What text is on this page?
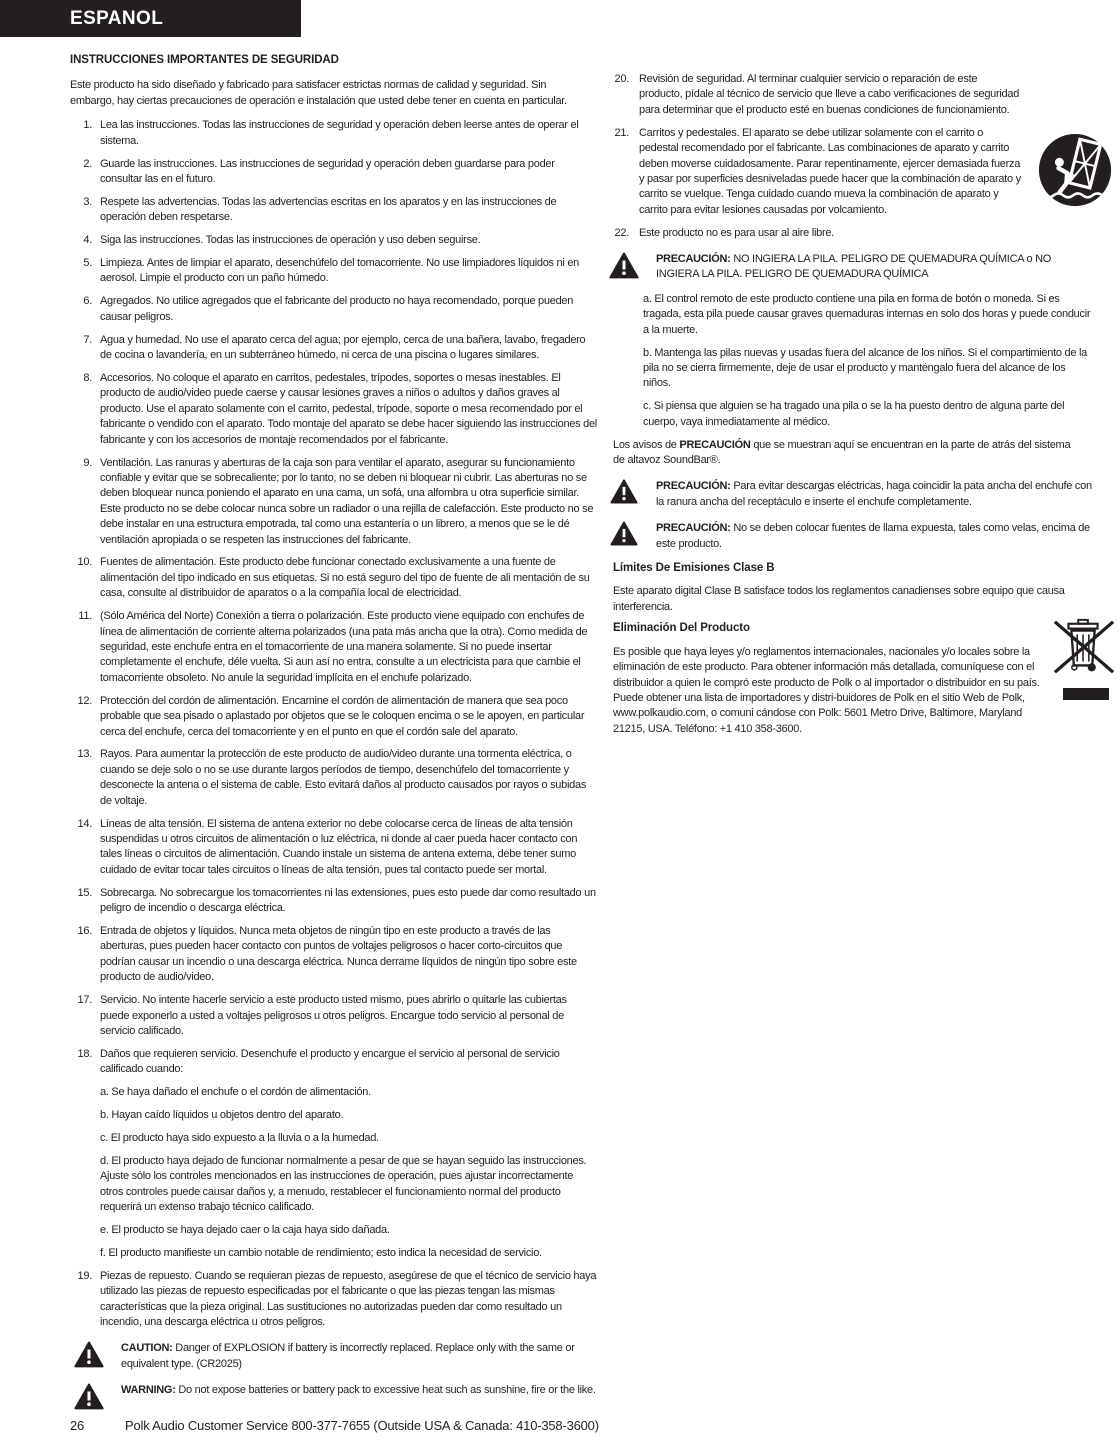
ESPANOL
INSTRUCCIONES IMPORTANTES DE SEGURIDAD

Este producto ha sido diseñado y fabricado para satisfacer estrictas normas de calidad y seguridad. Sin embargo, hay ciertas precauciones de operación e instalación que usted debe tener en cuenta en particular.

1. Lea las instrucciones. Todas las instrucciones de seguridad y operación deben leerse antes de operar el sistema.
2. Guarde las instrucciones. Las instrucciones de seguridad y operación deben guardarse para poder consultar las en el futuro.
3. Respete las advertencias. Todas las advertencias escritas en los aparatos y en las instrucciones de operación deben respetarse.
4. Siga las instrucciones. Todas las instrucciones de operación y uso deben seguirse.
5. Limpieza. Antes de limpiar el aparato, desenchúfelo del tomacorriente. No use limpiadores líquidos ni en aerosol. Limpie el producto con un paño húmedo.
6. Agregados. No utilice agregados que el fabricante del producto no haya recomendado, porque pueden causar peligros.
7. Agua y humedad. No use el aparato cerca del agua; por ejemplo, cerca de una bañera, lavabo, fregadero de cocina o lavandería, en un subterráneo húmedo, ni cerca de una piscina o lugares similares.
8. Accesorios. No coloque el aparato en carritos, pedestales, trípodes, soportes o mesas inestables. El producto de audio/video puede caerse y causar lesiones graves a niños o adultos y daños graves al producto. Use el aparato solamente con el carrito, pedestal, trípode, soporte o mesa recomendado por el fabricante o vendido con el aparato. Todo montaje del aparato se debe hacer siguiendo las instrucciones del fabricante y con los accesorios de montaje recomendados por el fabricante.
9. Ventilación. Las ranuras y aberturas de la caja son para ventilar el aparato, asegurar su funcionamiento confiable y evitar que se sobrecaliente; por lo tanto, no se deben ni bloquear ni cubrir. Las aberturas no se deben bloquear nunca poniendo el aparato en una cama, un sofá, una alfombra u otra superficie similar. Este producto no se debe colocar nunca sobre un radiador o una rejilla de calefacción. Este producto no se debe instalar en una estructura empotrada, tal como una estantería o un librero, a menos que se le dé ventilación apropiada o se respeten las instrucciones del fabricante.
10. Fuentes de alimentación. Este producto debe funcionar conectado exclusivamente a una fuente de alimentación del tipo indicado en sus etiquetas. Si no está seguro del tipo de fuente de ali mentación de su casa, consulte al distribuidor de aparatos o a la compañía local de electricidad.
11. (Sólo América del Norte) Conexión a tierra o polarización. Este producto viene equipado con enchufes de línea de alimentación de corriente alterna polarizados (una pata más ancha que la otra). Como medida de seguridad, este enchufe entra en el tomacorriente de una manera solamente. Si no puede insertar completamente el enchufe, déle vuelta. Si aun así no entra, consulte a un electricista para que cambie el tomacorriente obsoleto. No anule la seguridad implícita en el enchufe polarizado.
12. Protección del cordón de alimentación. Encamine el cordón de alimentación de manera que sea poco probable que sea pisado o aplastado por objetos que se le coloquen encima o se le apoyen, en particular cerca del enchufe, cerca del tomacorriente y en el punto en que el cordón sale del aparato.
13. Rayos. Para aumentar la protección de este producto de audio/video durante una tormenta eléctrica, o cuando se deje solo o no se use durante largos períodos de tiempo, desenchúfelo del tomacorriente y desconecte la antena o el sistema de cable. Esto evitará daños al producto causados por rayos o subidas de voltaje.
14. Líneas de alta tensión. El sistema de antena exterior no debe colocarse cerca de líneas de alta tensión suspendidas u otros circuitos de alimentación o luz eléctrica, ni donde al caer pueda hacer contacto con tales líneas o circuitos de alimentación. Cuando instale un sistema de antena externa, debe tener sumo cuidado de evitar tocar tales circuitos o líneas de alta tensión, pues tal contacto puede ser mortal.
15. Sobrecarga. No sobrecargue los tomacorrientes ni las extensiones, pues esto puede dar como resultado un peligro de incendio o descarga eléctrica.
16. Entrada de objetos y líquidos. Nunca meta objetos de ningún tipo en este producto a través de las aberturas, pues pueden hacer contacto con puntos de voltajes peligrosos o hacer corto-circuitos que podrían causar un incendio o una descarga eléctrica. Nunca derrame líquidos de ningún tipo sobre este producto de audio/video.
17. Servicio. No intente hacerle servicio a este producto usted mismo, pues abrirlo o quitarle las cubiertas puede exponerlo a usted a voltajes peligrosos u otros peligros. Encargue todo servicio al personal de servicio calificado.
18. Daños que requieren servicio. Desenchufe el producto y encargue el servicio al personal de servicio calificado cuando:
a. Se haya dañado el enchufe o el cordón de alimentación.
b. Hayan caído líquidos u objetos dentro del aparato.
c. El producto haya sido expuesto a la lluvia o a la humedad.
d. El producto haya dejado de funcionar normalmente a pesar de que se hayan seguido las instrucciones. Ajuste sólo los controles mencionados en las instrucciones de operación, pues ajustar incorrectamente otros controles puede causar daños y, a menudo, restablecer el funcionamiento normal del producto requerirá un extenso trabajo técnico calificado.
e. El producto se haya dejado caer o la caja haya sido dañada.
f. El producto manifieste un cambio notable de rendimiento; esto indica la necesidad de servicio.
19. Piezas de repuesto. Cuando se requieran piezas de repuesto, asegúrese de que el técnico de servicio haya utilizado las piezas de repuesto especificadas por el fabricante o que las piezas tengan las mismas características que la pieza original. Las sustituciones no autorizadas pueden dar como resultado un incendio, una descarga eléctrica u otros peligros.
CAUTION: Danger of EXPLOSION if battery is incorrectly replaced. Replace only with the same or equivalent type. (CR2025)
WARNING: Do not expose batteries or battery pack to excessive heat such as sunshine, fire or the like.
20. Revisión de seguridad. Al terminar cualquier servicio o reparación de este producto, pídale al técnico de servicio que lleve a cabo verificaciones de seguridad para determinar que el producto esté en buenas condiciones de funcionamiento.
21. Carritos y pedestales. El aparato se debe utilizar solamente con el carrito o pedestal recomendado por el fabricante. Las combinaciones de aparato y carrito deben moverse cuidadosamente. Parar repentinamente, ejercer demasiada fuerza y pasar por superficies desniveladas puede hacer que la combinación de aparato y carrito se vuelque. Tenga cuidado cuando mueva la combinación de aparato y carrito para evitar lesiones causadas por volcamiento.
22. Este producto no es para usar al aire libre.
PRECAUCIÓN: NO INGIERA LA PILA. PELIGRO DE QUEMADURA QUÍMICA o NO INGIERA LA PILA. PELIGRO DE QUEMADURA QUÍMICA
a. El control remoto de este producto contiene una pila en forma de botón o moneda. Si es tragada, esta pila puede causar graves quemaduras internas en solo dos horas y puede conducir a la muerte.
b. Mantenga las pilas nuevas y usadas fuera del alcance de los niños. Si el compartimiento de la pila no se cierra firmemente, deje de usar el producto y manténgalo fuera del alcance de los niños.
c. Si piensa que alguien se ha tragado una pila o se la ha puesto dentro de alguna parte del cuerpo, vaya inmediatamente al médico.

Los avisos de PRECAUCIÓN que se muestran aquí se encuentran en la parte de atrás del sistema de altavoz SoundBar®.

PRECAUCIÓN: Para evitar descargas eléctricas, haga coincidir la pata ancha del enchufe con la ranura ancha del receptáculo e inserte el enchufe completamente.
PRECAUCIÓN: No se deben colocar fuentes de llama expuesta, tales como velas, encima de este producto.
Límites De Emisiones Clase B

Este aparato digital Clase B satisface todos los reglamentos canadienses sobre equipo que causa interferencia.

Eliminación Del Producto

Es posible que haya leyes y/o reglamentos internacionales, nacionales y/o locales sobre la eliminación de este producto. Para obtener información más detallada, comuníquese con el distribuidor a quien le compró este producto de Polk o al importador o distribuidor en su país. Puede obtener una lista de importadores y distri-buidores de Polk en el sitio Web de Polk, www.polkaudio.com, o comuni cándose con Polk: 5601 Metro Drive, Baltimore, Maryland 21215, USA. Teléfono: +1 410 358-3600.

26	Polk Audio Customer Service 800-377-7655 (Outside USA & Canada: 410-358-3600)
